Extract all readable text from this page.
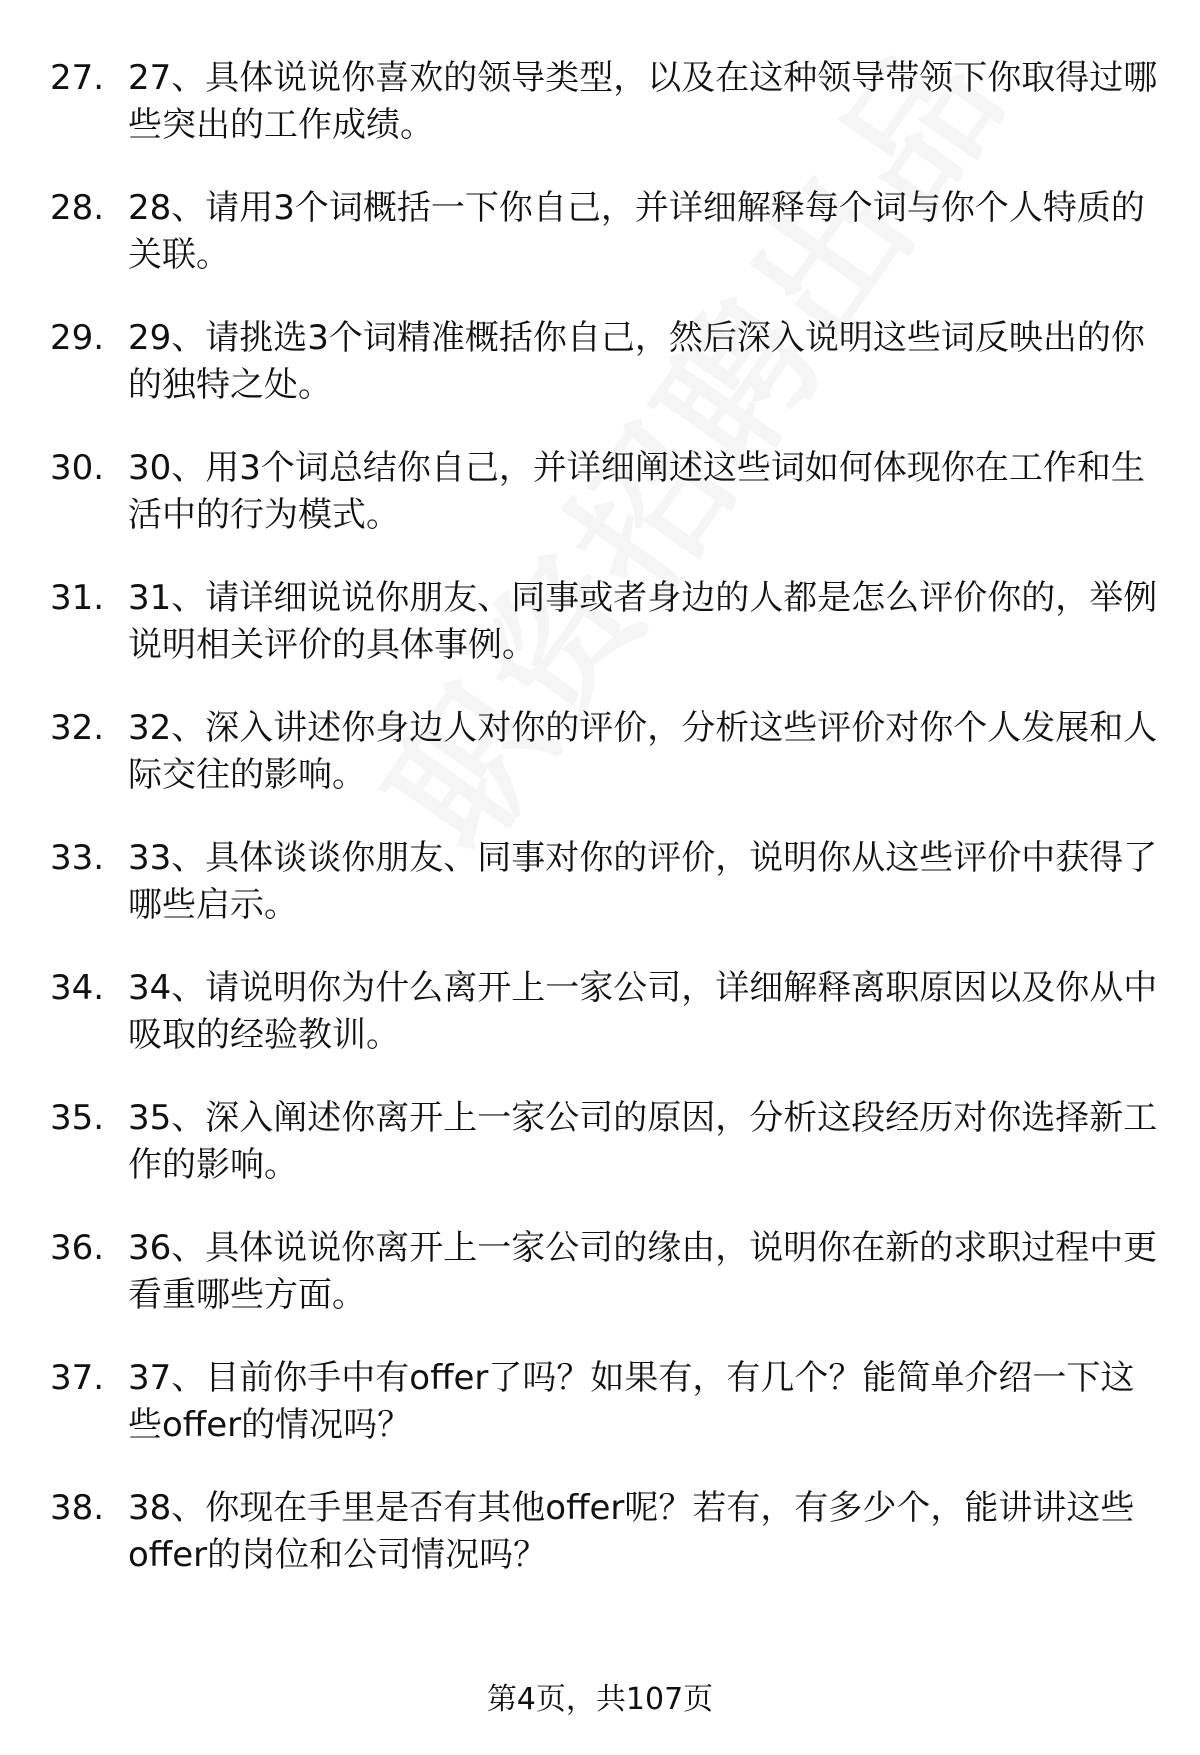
27. 27、具体说说你喜欢的领导类型，以及在这种领导带领下你取得过哪些突出的工作成绩。
28. 28、请用3个词概括一下你自己，并详细解释每个词与你个人特质的关联。
29. 29、请挑选3个词精准概括你自己，然后深入说明这些词反映出的你的独特之处。
30. 30、用3个词总结你自己，并详细阐述这些词如何体现你在工作和生活中的行为模式。
31. 31、请详细说说你朋友、同事或者身边的人都是怎么评价你的，举例说明相关评价的具体事例。
32. 32、深入讲述你身边人对你的评价，分析这些评价对你个人发展和人际交往的影响。
33. 33、具体谈谈你朋友、同事对你的评价，说明你从这些评价中获得了哪些启示。
34. 34、请说明你为什么离开上一家公司，详细解释离职原因以及你从中吸取的经验教训。
35. 35、深入阐述你离开上一家公司的原因，分析这段经历对你选择新工作的影响。
36. 36、具体说说你离开上一家公司的缘由，说明你在新的求职过程中更看重哪些方面。
37. 37、目前你手中有offer了吗？如果有，有几个？能简单介绍一下这些offer的情况吗？
38. 38、你现在手里是否有其他offer呢？若有，有多少个，能讲讲这些offer的岗位和公司情况吗？
第4页，共107页
